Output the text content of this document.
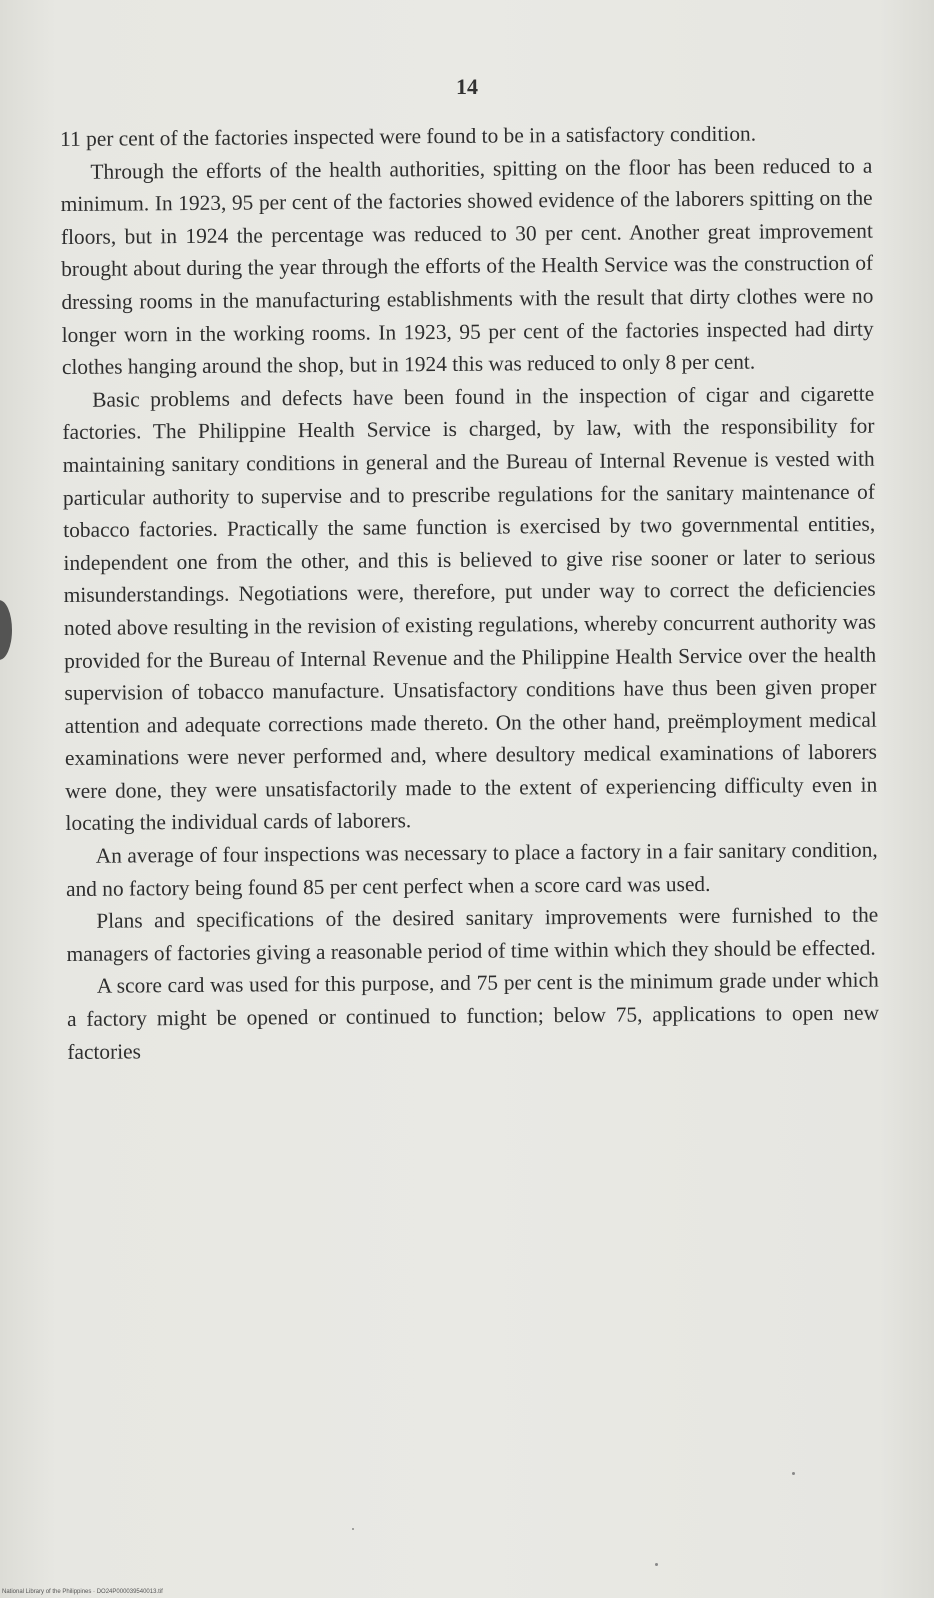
14

11 per cent of the factories inspected were found to be in a satisfactory condition.

Through the efforts of the health authorities, spitting on the floor has been reduced to a minimum. In 1923, 95 per cent of the factories showed evidence of the laborers spitting on the floors, but in 1924 the percentage was reduced to 30 per cent. Another great improvement brought about during the year through the efforts of the Health Service was the construction of dressing rooms in the manufacturing establishments with the result that dirty clothes were no longer worn in the working rooms. In 1923, 95 per cent of the factories inspected had dirty clothes hanging around the shop, but in 1924 this was reduced to only 8 per cent.

Basic problems and defects have been found in the inspection of cigar and cigarette factories. The Philippine Health Service is charged, by law, with the responsibility for maintaining sanitary conditions in general and the Bureau of Internal Revenue is vested with particular authority to supervise and to prescribe regulations for the sanitary maintenance of tobacco factories. Practically the same function is exercised by two governmental entities, independent one from the other, and this is believed to give rise sooner or later to serious misunderstandings. Negotiations were, therefore, put under way to correct the deficiencies noted above resulting in the revision of existing regulations, whereby concurrent authority was provided for the Bureau of Internal Revenue and the Philippine Health Service over the health supervision of tobacco manufacture. Unsatisfactory conditions have thus been given proper attention and adequate corrections made thereto. On the other hand, preëmployment medical examinations were never performed and, where desultory medical examinations of laborers were done, they were unsatisfactorily made to the extent of experiencing difficulty even in locating the individual cards of laborers.

An average of four inspections was necessary to place a factory in a fair sanitary condition, and no factory being found 85 per cent perfect when a score card was used.

Plans and specifications of the desired sanitary improvements were furnished to the managers of factories giving a reasonable period of time within which they should be effected.

A score card was used for this purpose, and 75 per cent is the minimum grade under which a factory might be opened or continued to function; below 75, applications to open new factories

National Library of the Philippines · DO24P000039540013.tif
